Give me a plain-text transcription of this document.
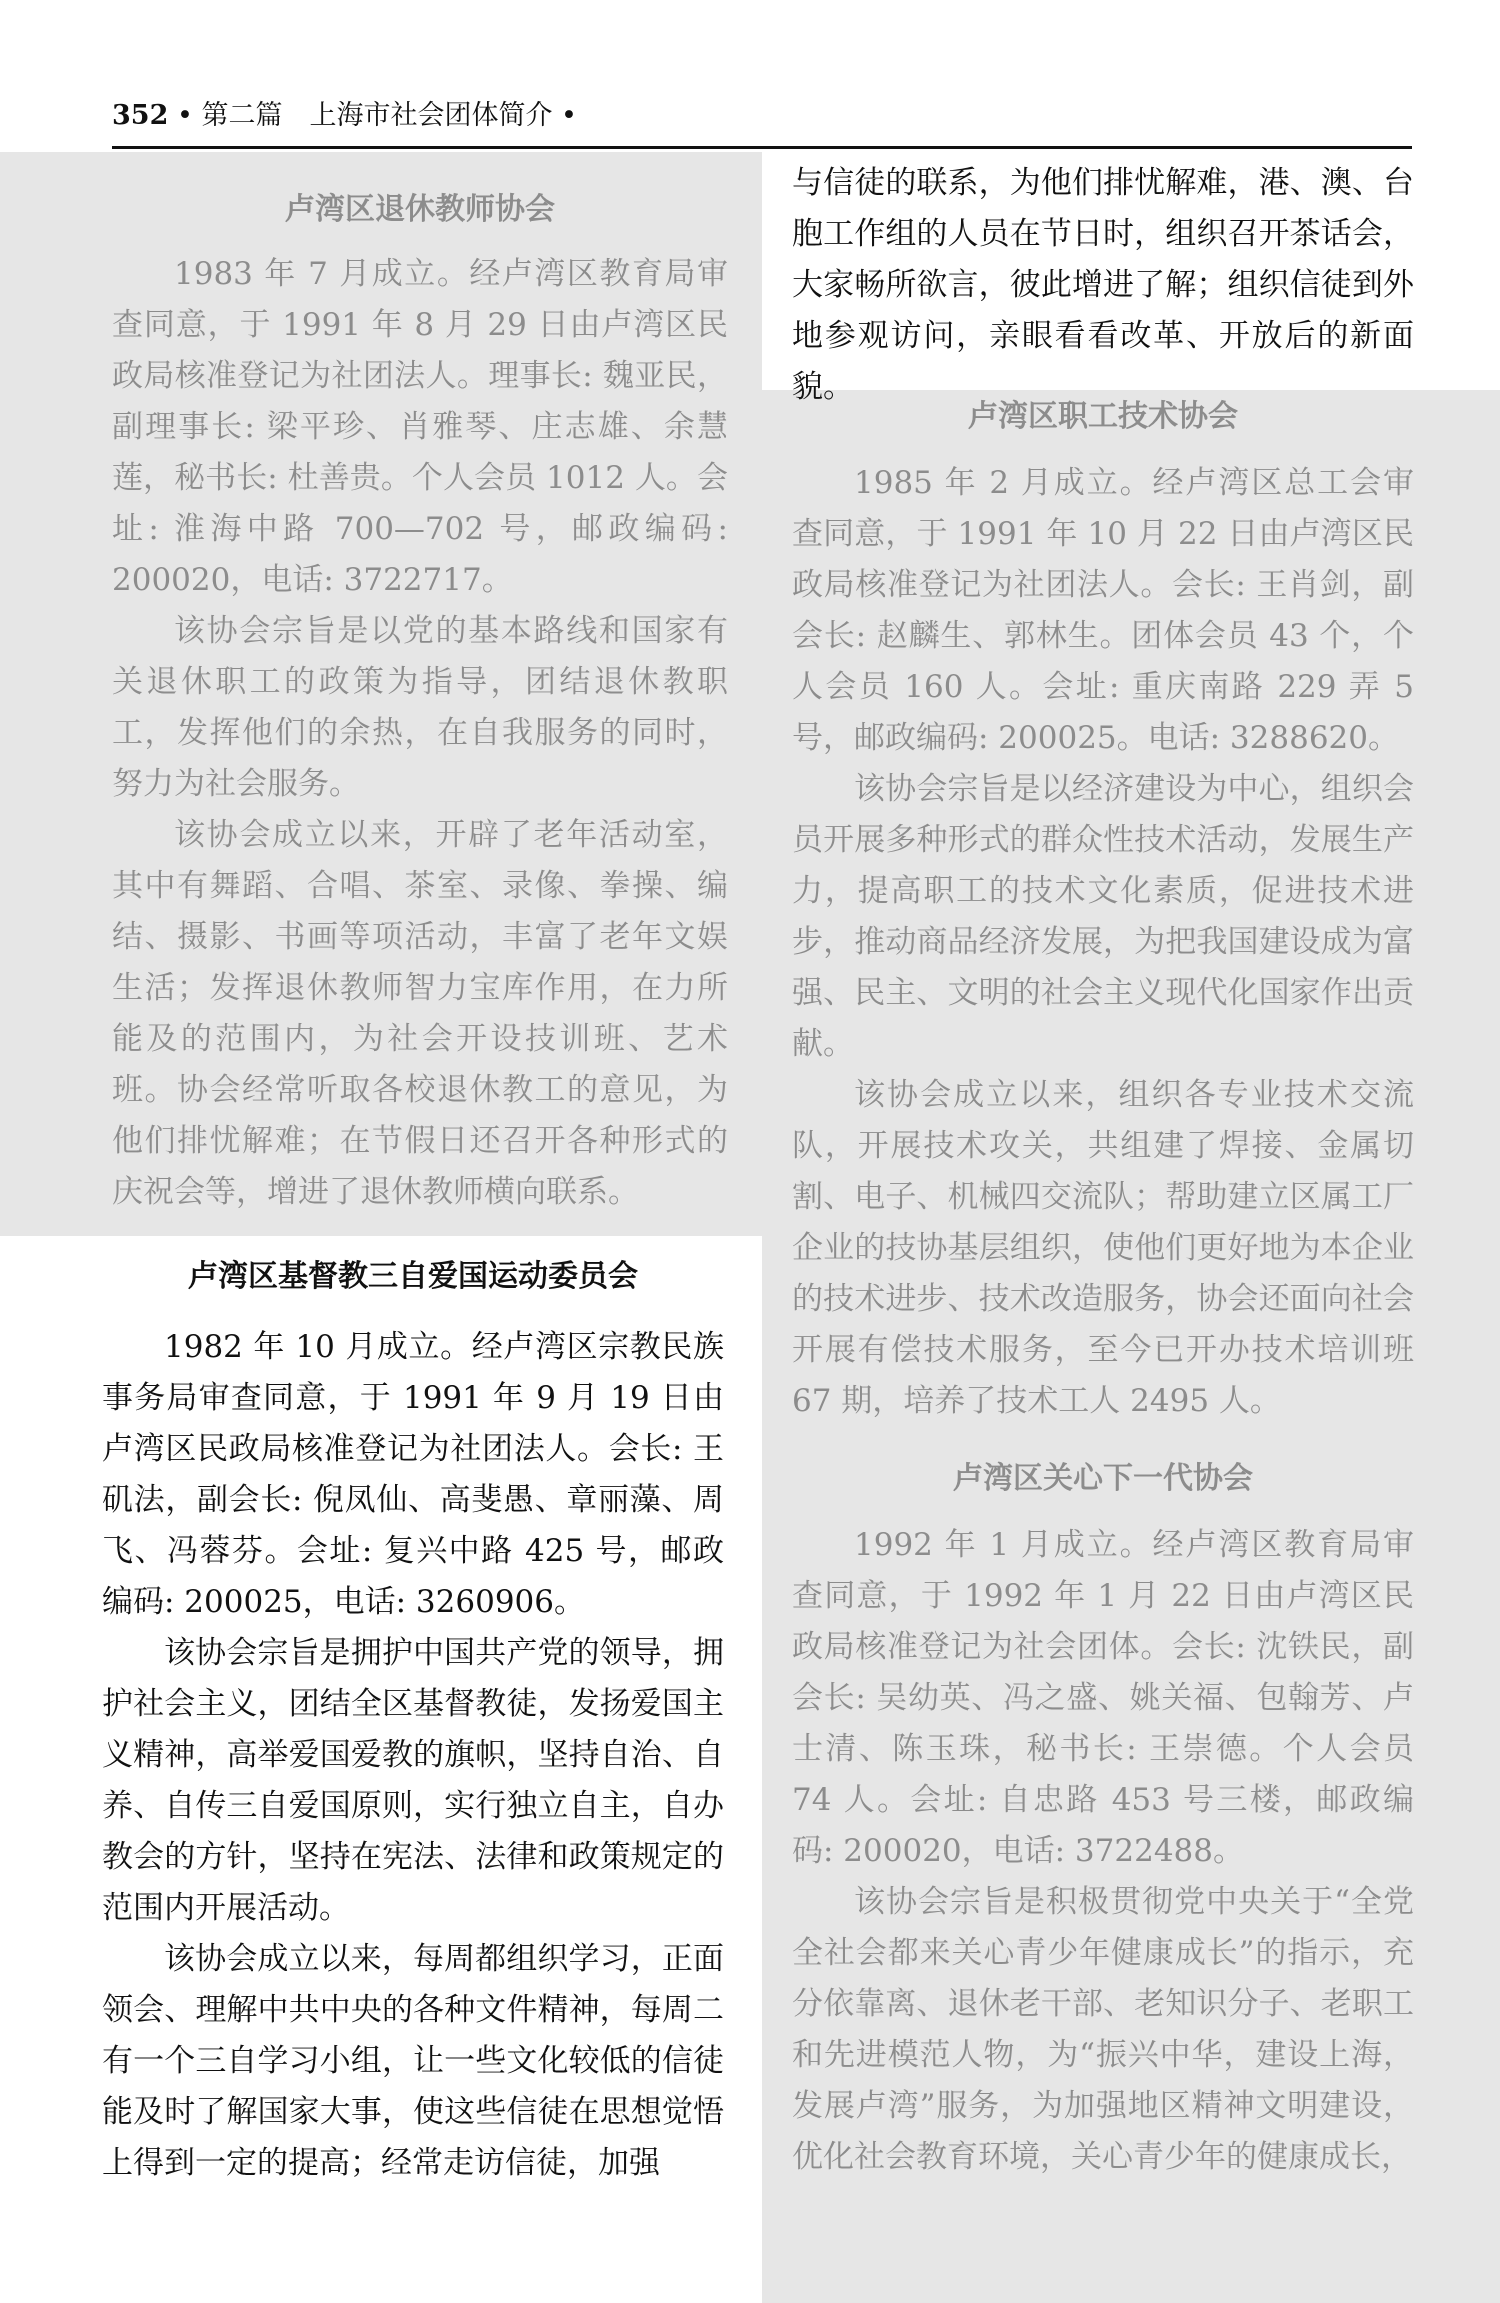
352 • 第二篇　上海市社会团体简介 •
卢湾区退休教师协会

1983 年 7 月成立。经卢湾区教育局审查同意，于 1991 年 8 月 29 日由卢湾区民政局核准登记为社团法人。理事长: 魏亚民，副理事长: 梁平珍、肖雅琴、庄志雄、余慧莲，秘书长: 杜善贵。个人会员 1012 人。会址: 淮海中路 700—702 号，邮政编码: 200020，电话: 3722717。

该协会宗旨是以党的基本路线和国家有关退休职工的政策为指导，团结退休教职工，发挥他们的余热，在自我服务的同时，努力为社会服务。

该协会成立以来，开辟了老年活动室，其中有舞蹈、合唱、茶室、录像、拳操、编结、摄影、书画等项活动，丰富了老年文娱生活；发挥退休教师智力宝库作用，在力所能及的范围内，为社会开设技训班、艺术班。协会经常听取各校退休教工的意见，为他们排忧解难；在节假日还召开各种形式的庆祝会等，增进了退休教师横向联系。

卢湾区基督教三自爱国运动委员会

1982 年 10 月成立。经卢湾区宗教民族事务局审查同意，于 1991 年 9 月 19 日由卢湾区民政局核准登记为社团法人。会长: 王矶法，副会长: 倪凤仙、高斐愚、章丽藻、周飞、冯蓉芬。会址: 复兴中路 425 号，邮政编码: 200025，电话: 3260906。

该协会宗旨是拥护中国共产党的领导，拥护社会主义，团结全区基督教徒，发扬爱国主义精神，高举爱国爱教的旗帜，坚持自治、自养、自传三自爱国原则，实行独立自主，自办教会的方针，坚持在宪法、法律和政策规定的范围内开展活动。

该协会成立以来，每周都组织学习，正面领会、理解中共中央的各种文件精神，每周二有一个三自学习小组，让一些文化较低的信徒能及时了解国家大事，使这些信徒在思想觉悟上得到一定的提高；经常走访信徒，加强

与信徒的联系，为他们排忧解难，港、澳、台胞工作组的人员在节日时，组织召开茶话会，大家畅所欲言，彼此增进了解；组织信徒到外地参观访问，亲眼看看改革、开放后的新面貌。

卢湾区职工技术协会

1985 年 2 月成立。经卢湾区总工会审查同意，于 1991 年 10 月 22 日由卢湾区民政局核准登记为社团法人。会长: 王肖剑，副会长: 赵麟生、郭林生。团体会员 43 个，个人会员 160 人。会址: 重庆南路 229 弄 5 号，邮政编码: 200025。电话: 3288620。

该协会宗旨是以经济建设为中心，组织会员开展多种形式的群众性技术活动，发展生产力，提高职工的技术文化素质，促进技术进步，推动商品经济发展，为把我国建设成为富强、民主、文明的社会主义现代化国家作出贡献。

该协会成立以来，组织各专业技术交流队，开展技术攻关，共组建了焊接、金属切割、电子、机械四交流队；帮助建立区属工厂企业的技协基层组织，使他们更好地为本企业的技术进步、技术改造服务，协会还面向社会开展有偿技术服务，至今已开办技术培训班 67 期，培养了技术工人 2495 人。

卢湾区关心下一代协会

1992 年 1 月成立。经卢湾区教育局审查同意，于 1992 年 1 月 22 日由卢湾区民政局核准登记为社会团体。会长: 沈铁民，副会长: 吴幼英、冯之盛、姚关福、包翰芳、卢士清、陈玉珠，秘书长: 王崇德。个人会员 74 人。会址: 自忠路 453 号三楼，邮政编码: 200020，电话: 3722488。

该协会宗旨是积极贯彻党中央关于“全党全社会都来关心青少年健康成长”的指示，充分依靠离、退休老干部、老知识分子、老职工和先进模范人物，为“振兴中华，建设上海，发展卢湾”服务，为加强地区精神文明建设，优化社会教育环境，关心青少年的健康成长，
